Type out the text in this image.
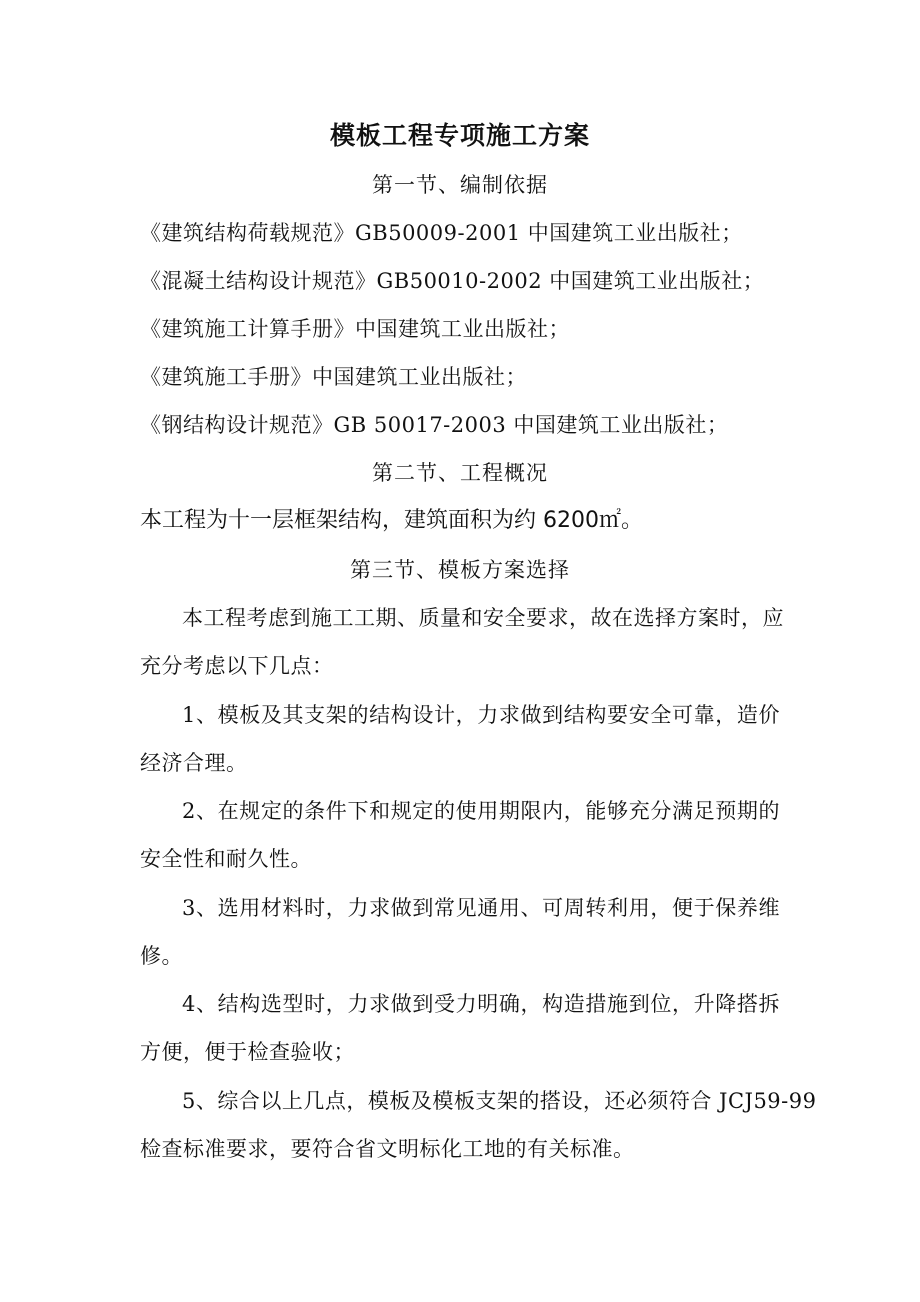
模板工程专项施工方案
第一节、编制依据
《建筑结构荷载规范》GB50009-2001 中国建筑工业出版社；
《混凝土结构设计规范》GB50010-2002 中国建筑工业出版社；
《建筑施工计算手册》中国建筑工业出版社；
《建筑施工手册》中国建筑工业出版社；
《钢结构设计规范》GB 50017-2003 中国建筑工业出版社；
第二节、工程概况
本工程为十一层框架结构，建筑面积为约 6200㎡。
第三节、模板方案选择
本工程考虑到施工工期、质量和安全要求，故在选择方案时，应
充分考虑以下几点：
1、模板及其支架的结构设计，力求做到结构要安全可靠，造价
经济合理。
2、在规定的条件下和规定的使用期限内，能够充分满足预期的
安全性和耐久性。
3、选用材料时，力求做到常见通用、可周转利用，便于保养维
修。
4、结构选型时，力求做到受力明确，构造措施到位，升降搭拆
方便，便于检查验收；
5、综合以上几点，模板及模板支架的搭设，还必须符合 JCJ59-99
检查标准要求，要符合省文明标化工地的有关标准。
